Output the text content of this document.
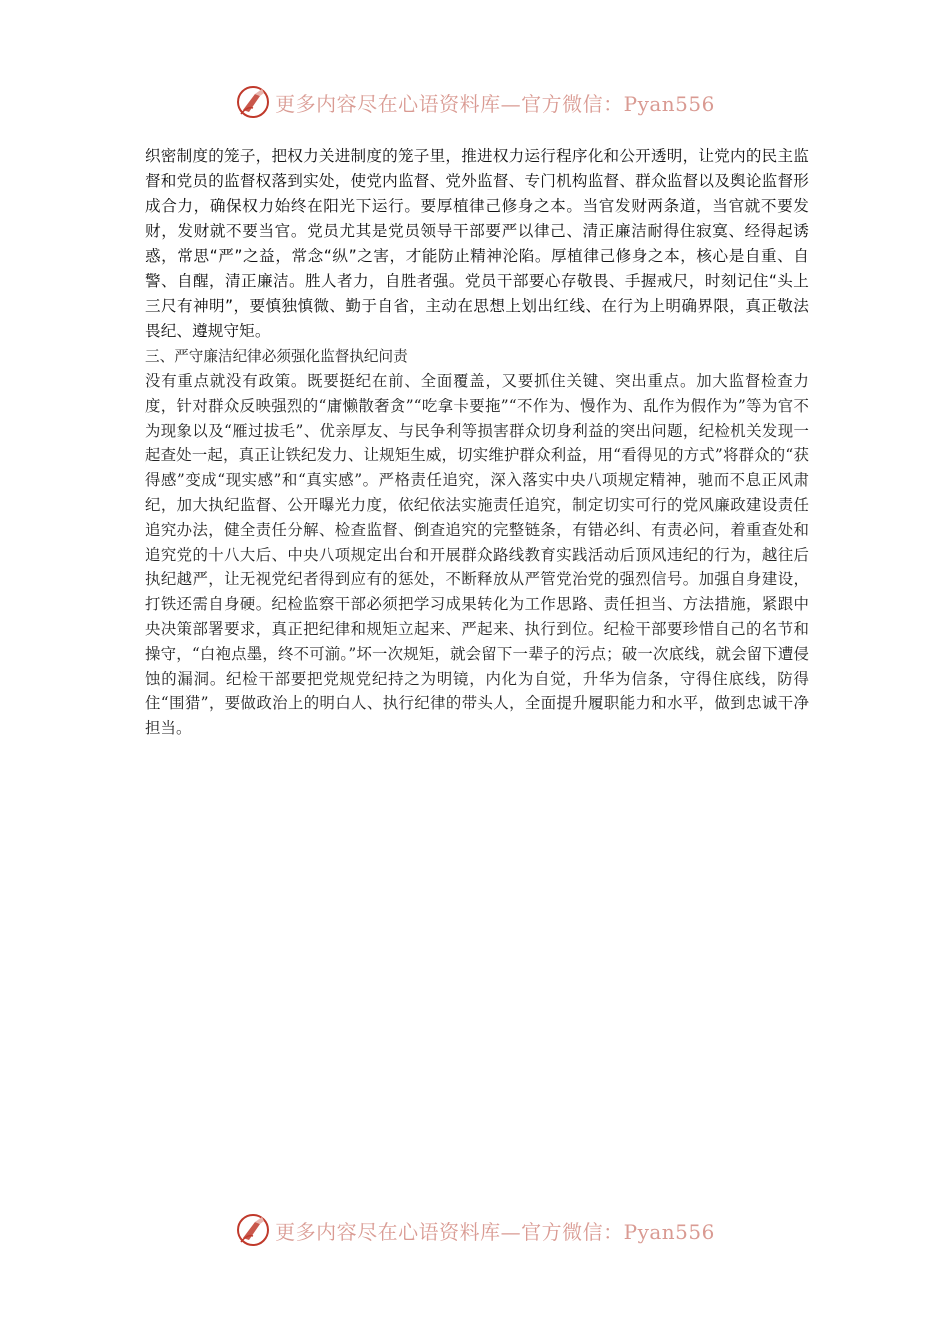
更多内容尽在心语资料库—官方微信：Pyan556

织密制度的笼子，把权力关进制度的笼子里，推进权力运行程序化和公开透明，让党内的民主监督和党员的监督权落到实处，使党内监督、党外监督、专门机构监督、群众监督以及舆论监督形成合力，确保权力始终在阳光下运行。要厚植律己修身之本。当官发财两条道，当官就不要发财，发财就不要当官。党员尤其是党员领导干部要严以律己、清正廉洁耐得住寂寞、经得起诱惑，常思“严”之益，常念“纵”之害，才能防止精神沦陷。厚植律己修身之本，核心是自重、自警、自醒，清正廉洁。胜人者力，自胜者强。党员干部要心存敬畏、手握戒尺，时刻记住“头上三尺有神明”，要慎独慎微、勤于自省，主动在思想上划出红线、在行为上明确界限，真正敬法畏纪、遵规守矩。

三、严守廉洁纪律必须强化监督执纪问责

没有重点就没有政策。既要挺纪在前、全面覆盖，又要抓住关键、突出重点。加大监督检查力度，针对群众反映强烈的“庸懒散奢贪”“吃拿卡要拖”“不作为、慢作为、乱作为假作为”等为官不为现象以及“雁过拔毛”、优亲厚友、与民争利等损害群众切身利益的突出问题，纪检机关发现一起查处一起，真正让铁纪发力、让规矩生威，切实维护群众利益，用“看得见的方式”将群众的“获得感”变成“现实感”和“真实感”。严格责任追究，深入落实中央八项规定精神，驰而不息正风肃纪，加大执纪监督、公开曝光力度，依纪依法实施责任追究，制定切实可行的党风廉政建设责任追究办法，健全责任分解、检查监督、倒查追究的完整链条，有错必纠、有责必问，着重查处和追究党的十八大后、中央八项规定出台和开展群众路线教育实践活动后顶风违纪的行为，越往后执纪越严，让无视党纪者得到应有的惩处，不断释放从严管党治党的强烈信号。加强自身建设，打铁还需自身硬。纪检监察干部必须把学习成果转化为工作思路、责任担当、方法措施，紧跟中央决策部署要求，真正把纪律和规矩立起来、严起来、执行到位。纪检干部要珍惜自己的名节和操守，“白袍点墨，终不可湔。”坏一次规矩，就会留下一辈子的污点；破一次底线，就会留下遭侵蚀的漏洞。纪检干部要把党规党纪持之为明镜，内化为自觉，升华为信条，守得住底线，防得住“围猎”，要做政治上的明白人、执行纪律的带头人，全面提升履职能力和水平，做到忠诚干净担当。

更多内容尽在心语资料库—官方微信：Pyan556
